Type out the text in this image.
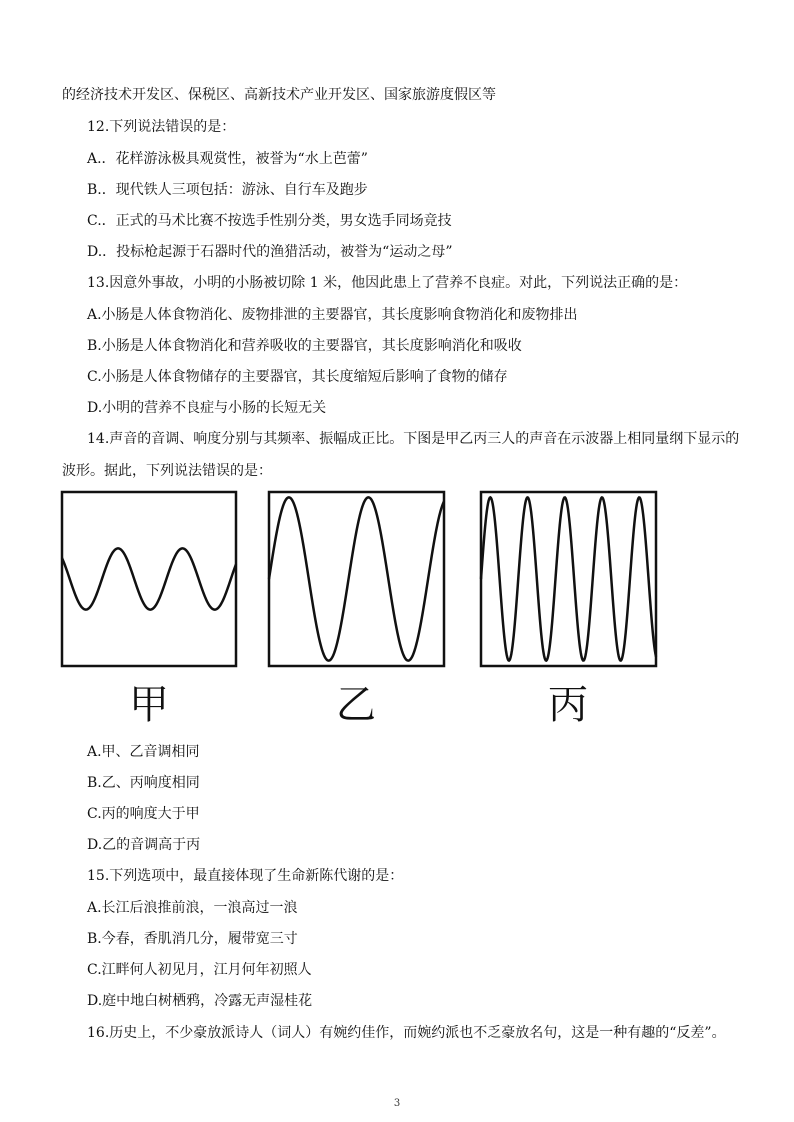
的经济技术开发区、保税区、高新技术产业开发区、国家旅游度假区等
12.下列说法错误的是：
A.．花样游泳极具观赏性，被誉为“水上芭蕾”
B.．现代铁人三项包括：游泳、自行车及跑步
C.．正式的马术比赛不按选手性别分类，男女选手同场竞技
D.．投标枪起源于石器时代的渔猎活动，被誉为“运动之母”
13.因意外事故，小明的小肠被切除 1 米，他因此患上了营养不良症。对此，下列说法正确的是：
A.小肠是人体食物消化、废物排泄的主要器官，其长度影响食物消化和废物排出
B.小肠是人体食物消化和营养吸收的主要器官，其长度影响消化和吸收
C.小肠是人体食物储存的主要器官，其长度缩短后影响了食物的储存
D.小明的营养不良症与小肠的长短无关
14.声音的音调、响度分别与其频率、振幅成正比。下图是甲乙丙三人的声音在示波器上相同量纲下显示的
波形。据此，下列说法错误的是：
甲	乙	丙
A.甲、乙音调相同
B.乙、丙响度相同
C.丙的响度大于甲
D.乙的音调高于丙
15.下列选项中，最直接体现了生命新陈代谢的是：
A.长江后浪推前浪，一浪高过一浪
B.今春，香肌消几分，履带宽三寸
C.江畔何人初见月，江月何年初照人
D.庭中地白树栖鸦，冷露无声湿桂花
16.历史上，不少豪放派诗人（词人）有婉约佳作，而婉约派也不乏豪放名句，这是一种有趣的“反差”。
3
